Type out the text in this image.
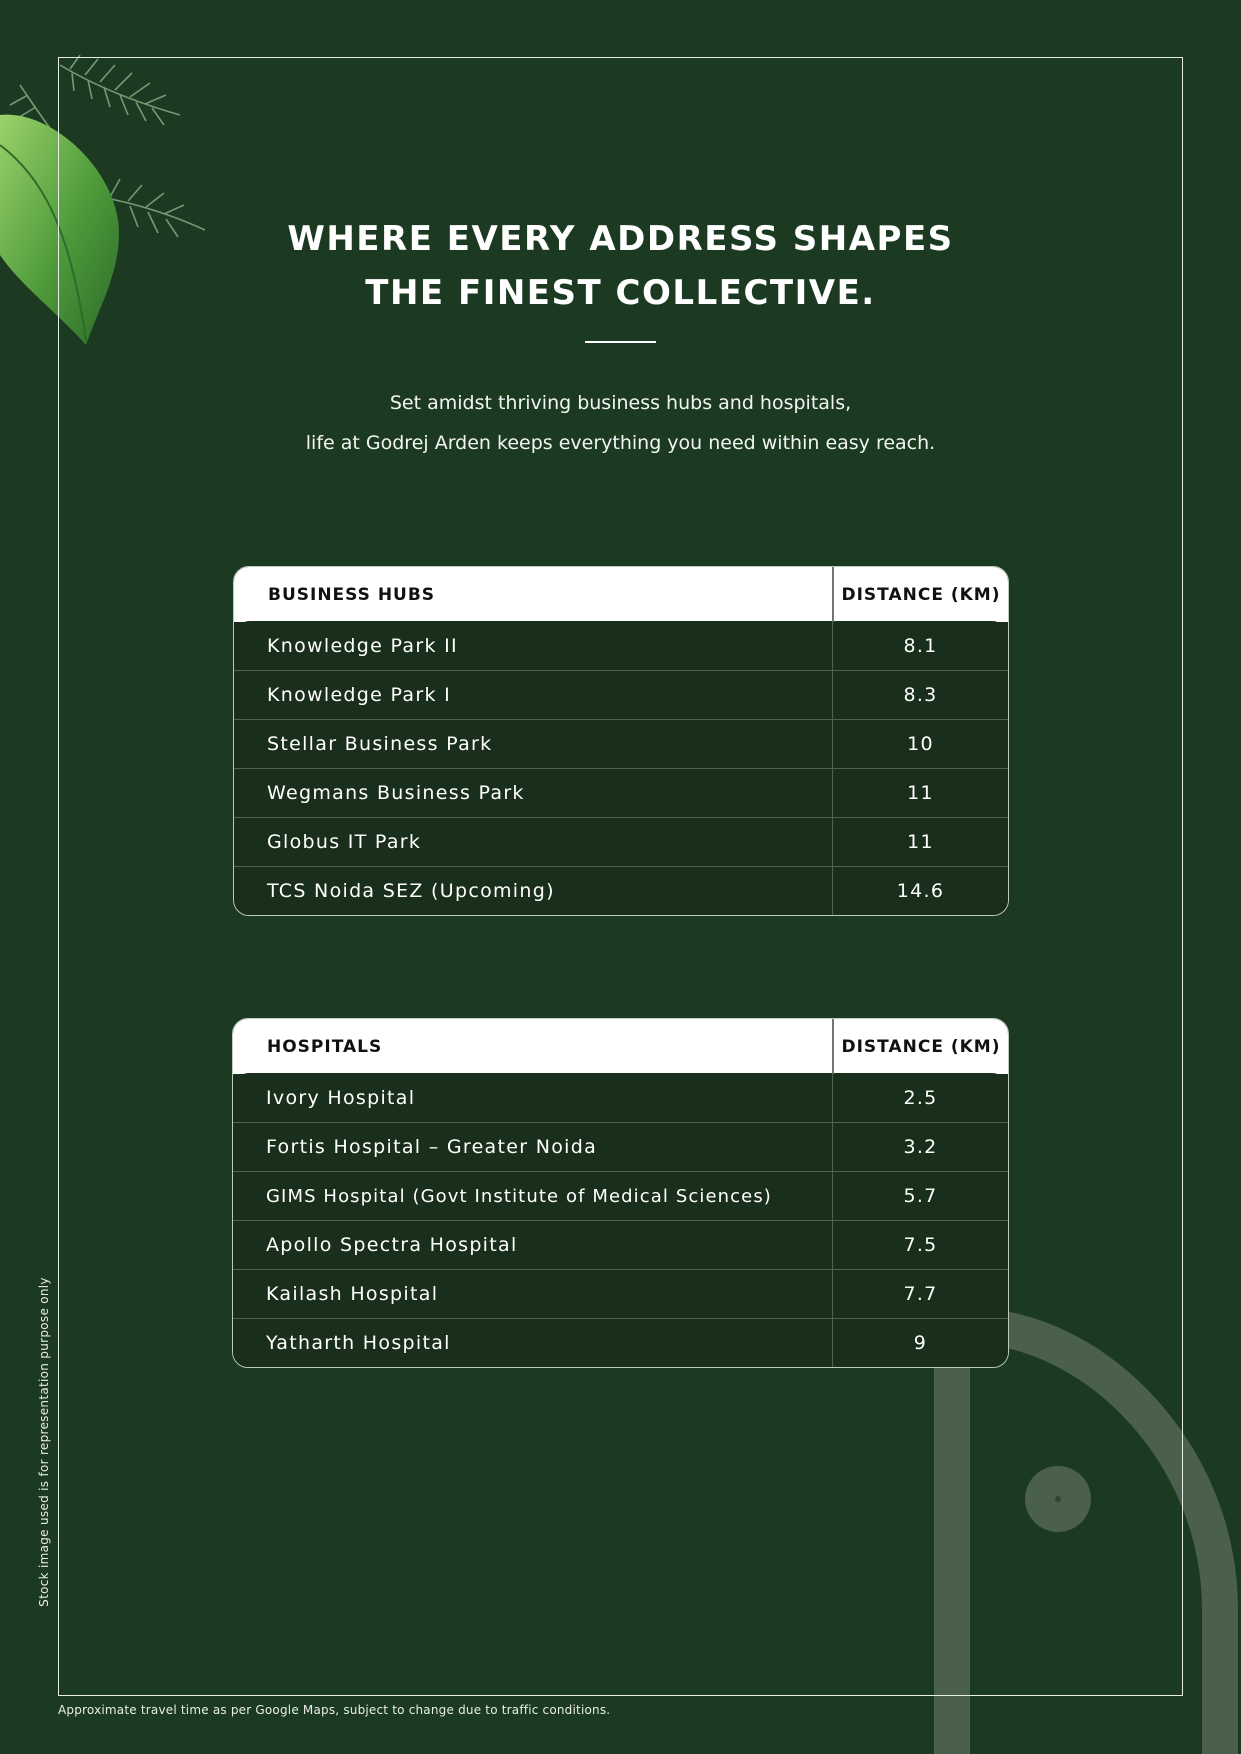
WHERE EVERY ADDRESS SHAPES
THE FINEST COLLECTIVE.
Set amidst thriving business hubs and hospitals,
life at Godrej Arden keeps everything you need within easy reach.
BUSINESS HUBS	DISTANCE (KM)
Knowledge Park II	8.1
Knowledge Park I	8.3
Stellar Business Park	10
Wegmans Business Park	11
Globus IT Park	11
TCS Noida SEZ (Upcoming)	14.6
HOSPITALS	DISTANCE (KM)
Ivory Hospital	2.5
Fortis Hospital – Greater Noida	3.2
GIMS Hospital (Govt Institute of Medical Sciences)	5.7
Apollo Spectra Hospital	7.5
Kailash Hospital	7.7
Yatharth Hospital	9
Stock image used is for representation purpose only
Approximate travel time as per Google Maps, subject to change due to traffic conditions.
